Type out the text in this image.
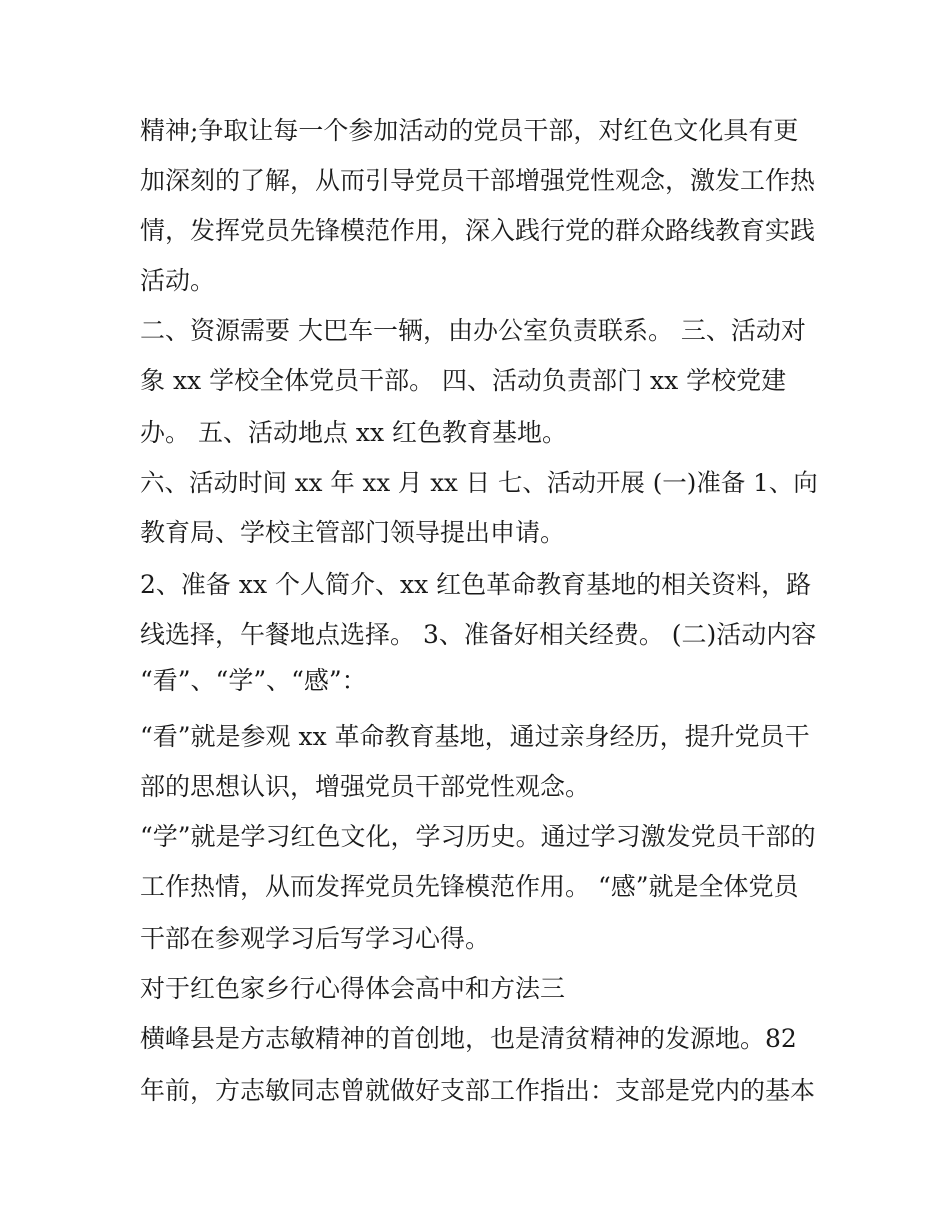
精神;争取让每一个参加活动的党员干部，对红色文化具有更

加深刻的了解，从而引导党员干部增强党性观念，激发工作热

情，发挥党员先锋模范作用，深入践行党的群众路线教育实践

活动。

二、资源需要 大巴车一辆，由办公室负责联系。 三、活动对

象 xx 学校全体党员干部。 四、活动负责部门 xx 学校党建

办。 五、活动地点 xx 红色教育基地。

六、活动时间 xx 年 xx 月 xx 日 七、活动开展 (一)准备 1、向

教育局、学校主管部门领导提出申请。

2、准备 xx 个人简介、xx 红色革命教育基地的相关资料，路

线选择，午餐地点选择。 3、准备好相关经费。 (二)活动内容

“看”、“学”、“感”：

“看”就是参观 xx 革命教育基地，通过亲身经历，提升党员干

部的思想认识，增强党员干部党性观念。

“学”就是学习红色文化，学习历史。通过学习激发党员干部的

工作热情，从而发挥党员先锋模范作用。 “感”就是全体党员

干部在参观学习后写学习心得。

对于红色家乡行心得体会高中和方法三

横峰县是方志敏精神的首创地，也是清贫精神的发源地。82

年前，方志敏同志曾就做好支部工作指出：支部是党内的基本
